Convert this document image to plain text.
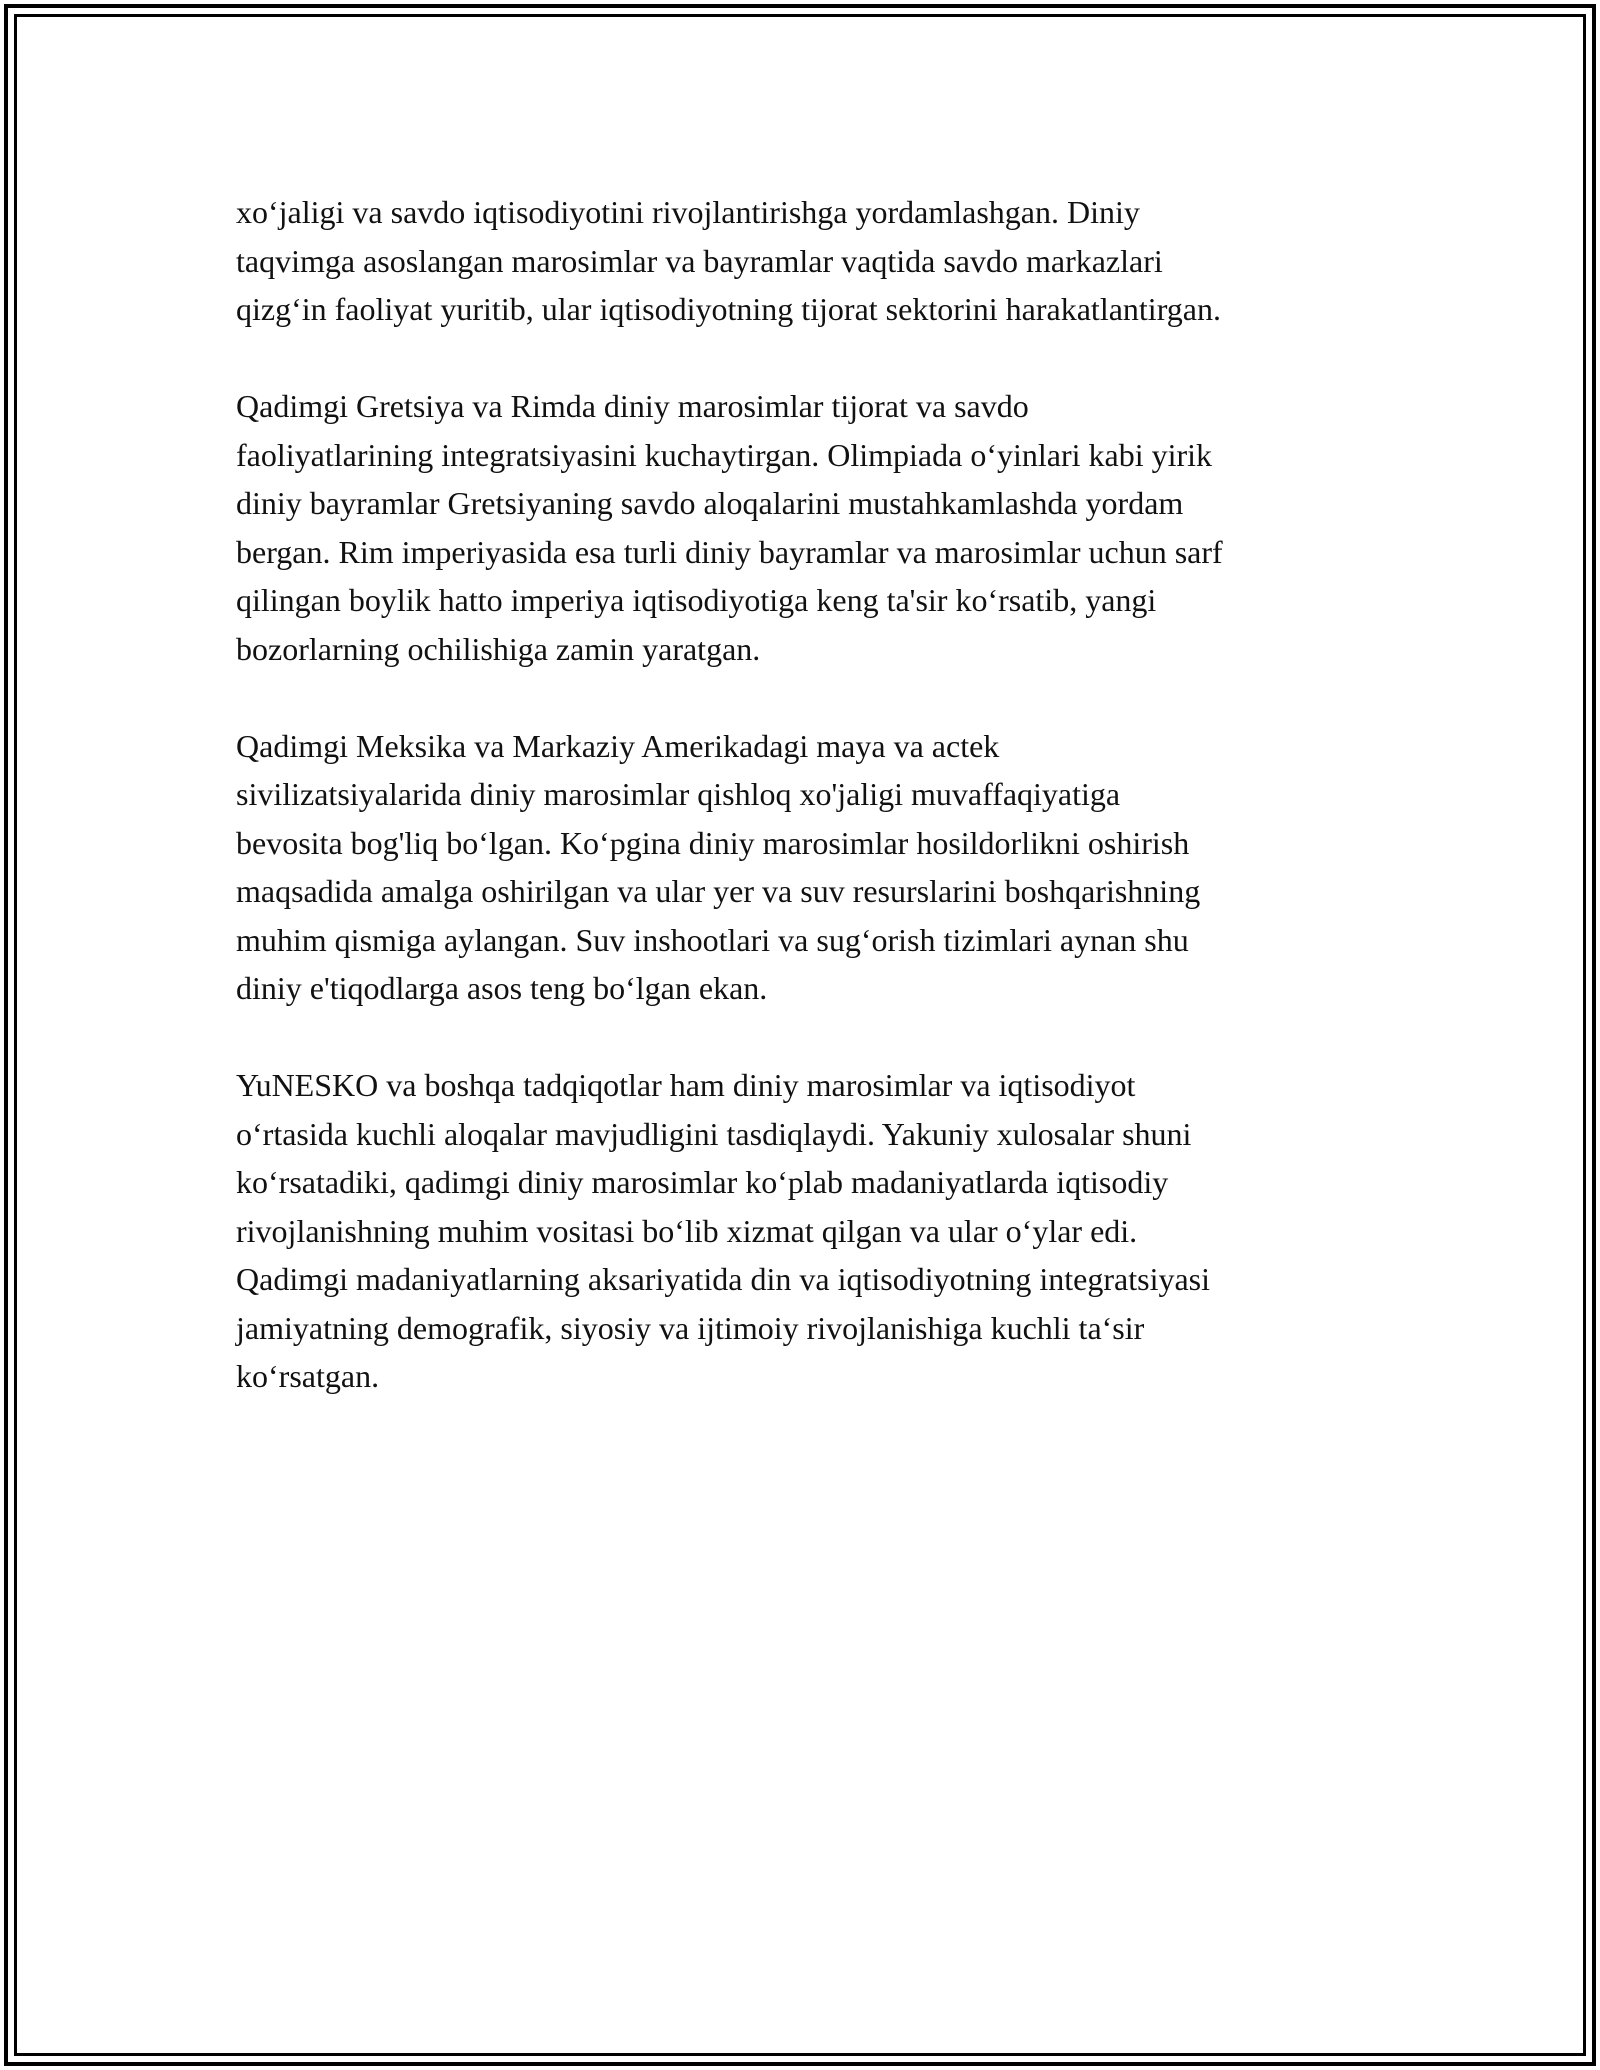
xo‘jaligi va savdo iqtisodiyotini rivojlantirishga yordamlashgan. Diniy
taqvimga asoslangan marosimlar va bayramlar vaqtida savdo markazlari
qizg‘in faoliyat yuritib, ular iqtisodiyotning tijorat sektorini harakatlantirgan.

Qadimgi Gretsiya va Rimda diniy marosimlar tijorat va savdo
faoliyatlarining integratsiyasini kuchaytirgan. Olimpiada o‘yinlari kabi yirik
diniy bayramlar Gretsiyaning savdo aloqalarini mustahkamlashda yordam
bergan. Rim imperiyasida esa turli diniy bayramlar va marosimlar uchun sarf
qilingan boylik hatto imperiya iqtisodiyotiga keng ta'sir ko‘rsatib, yangi
bozorlarning ochilishiga zamin yaratgan.

Qadimgi Meksika va Markaziy Amerikadagi maya va actek
sivilizatsiyalarida diniy marosimlar qishloq xo'jaligi muvaffaqiyatiga
bevosita bog'liq bo‘lgan. Ko‘pgina diniy marosimlar hosildorlikni oshirish
maqsadida amalga oshirilgan va ular yer va suv resurslarini boshqarishning
muhim qismiga aylangan. Suv inshootlari va sug‘orish tizimlari aynan shu
diniy e'tiqodlarga asos teng bo‘lgan ekan.

YuNESKO va boshqa tadqiqotlar ham diniy marosimlar va iqtisodiyot
o‘rtasida kuchli aloqalar mavjudligini tasdiqlaydi. Yakuniy xulosalar shuni
ko‘rsatadiki, qadimgi diniy marosimlar ko‘plab madaniyatlarda iqtisodiy
rivojlanishning muhim vositasi bo‘lib xizmat qilgan va ular o‘ylar edi.
Qadimgi madaniyatlarning aksariyatida din va iqtisodiyotning integratsiyasi
jamiyatning demografik, siyosiy va ijtimoiy rivojlanishiga kuchli ta‘sir
ko‘rsatgan.
